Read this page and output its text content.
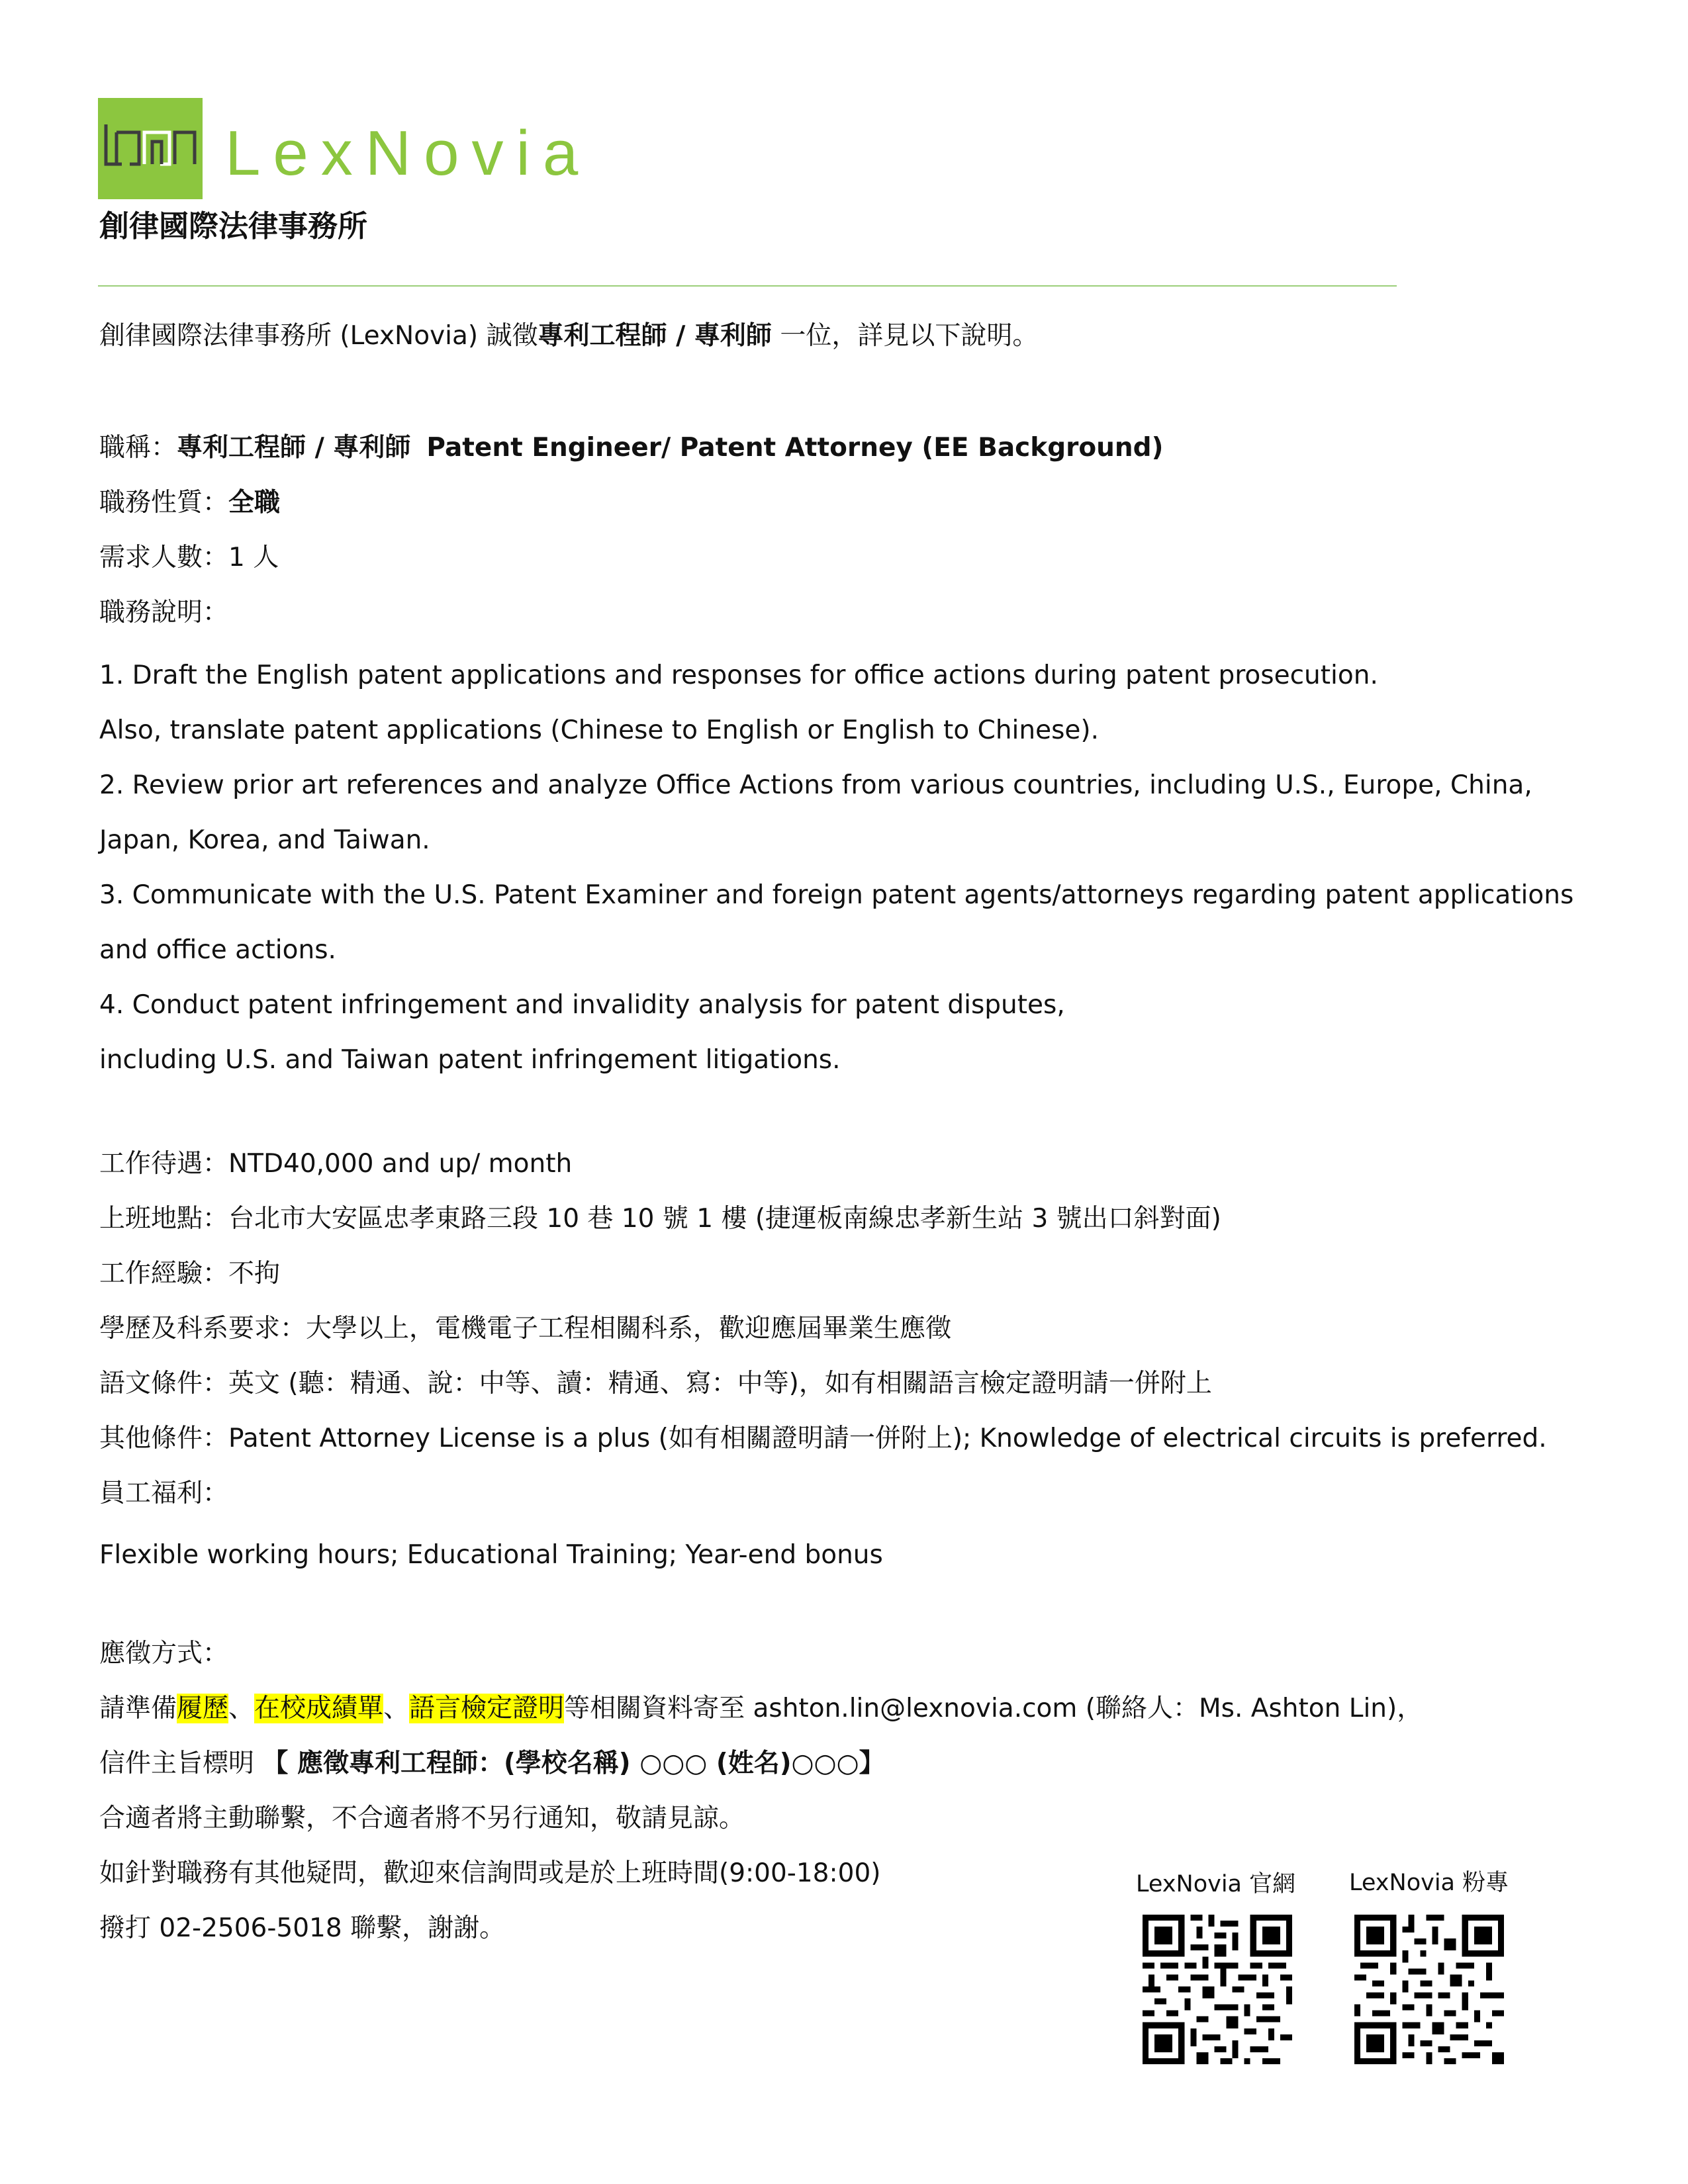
LexNovia
創律國際法律事務所
創律國際法律事務所 (LexNovia) 誠徵專利工程師 / 專利師 一位，詳見以下說明。
職稱：專利工程師 / 專利師 Patent Engineer/ Patent Attorney (EE Background)
職務性質：全職
需求人數：1 人
職務說明：
1. Draft the English patent applications and responses for office actions during patent prosecution.
Also, translate patent applications (Chinese to English or English to Chinese).
2. Review prior art references and analyze Office Actions from various countries, including U.S., Europe, China,
Japan, Korea, and Taiwan.
3. Communicate with the U.S. Patent Examiner and foreign patent agents/attorneys regarding patent applications
and office actions.
4. Conduct patent infringement and invalidity analysis for patent disputes,
including U.S. and Taiwan patent infringement litigations.
工作待遇：NTD40,000 and up/ month
上班地點：台北市大安區忠孝東路三段 10 巷 10 號 1 樓 (捷運板南線忠孝新生站 3 號出口斜對面)
工作經驗：不拘
學歷及科系要求：大學以上，電機電子工程相關科系，歡迎應屆畢業生應徵
語文條件：英文 (聽：精通、說：中等、讀：精通、寫：中等)，如有相關語言檢定證明請一併附上
其他條件：Patent Attorney License is a plus (如有相關證明請一併附上); Knowledge of electrical circuits is preferred.
員工福利：
Flexible working hours; Educational Training; Year-end bonus
應徵方式：
請準備履歷、在校成績單、語言檢定證明等相關資料寄至 ashton.lin@lexnovia.com (聯絡人：Ms. Ashton Lin)，
信件主旨標明 【 應徵專利工程師：(學校名稱) ○○○ (姓名)○○○】
合適者將主動聯繫，不合適者將不另行通知，敬請見諒。
如針對職務有其他疑問，歡迎來信詢問或是於上班時間(9:00-18:00)
撥打 02-2506-5018 聯繫，謝謝。
LexNovia 官網 LexNovia 粉專
